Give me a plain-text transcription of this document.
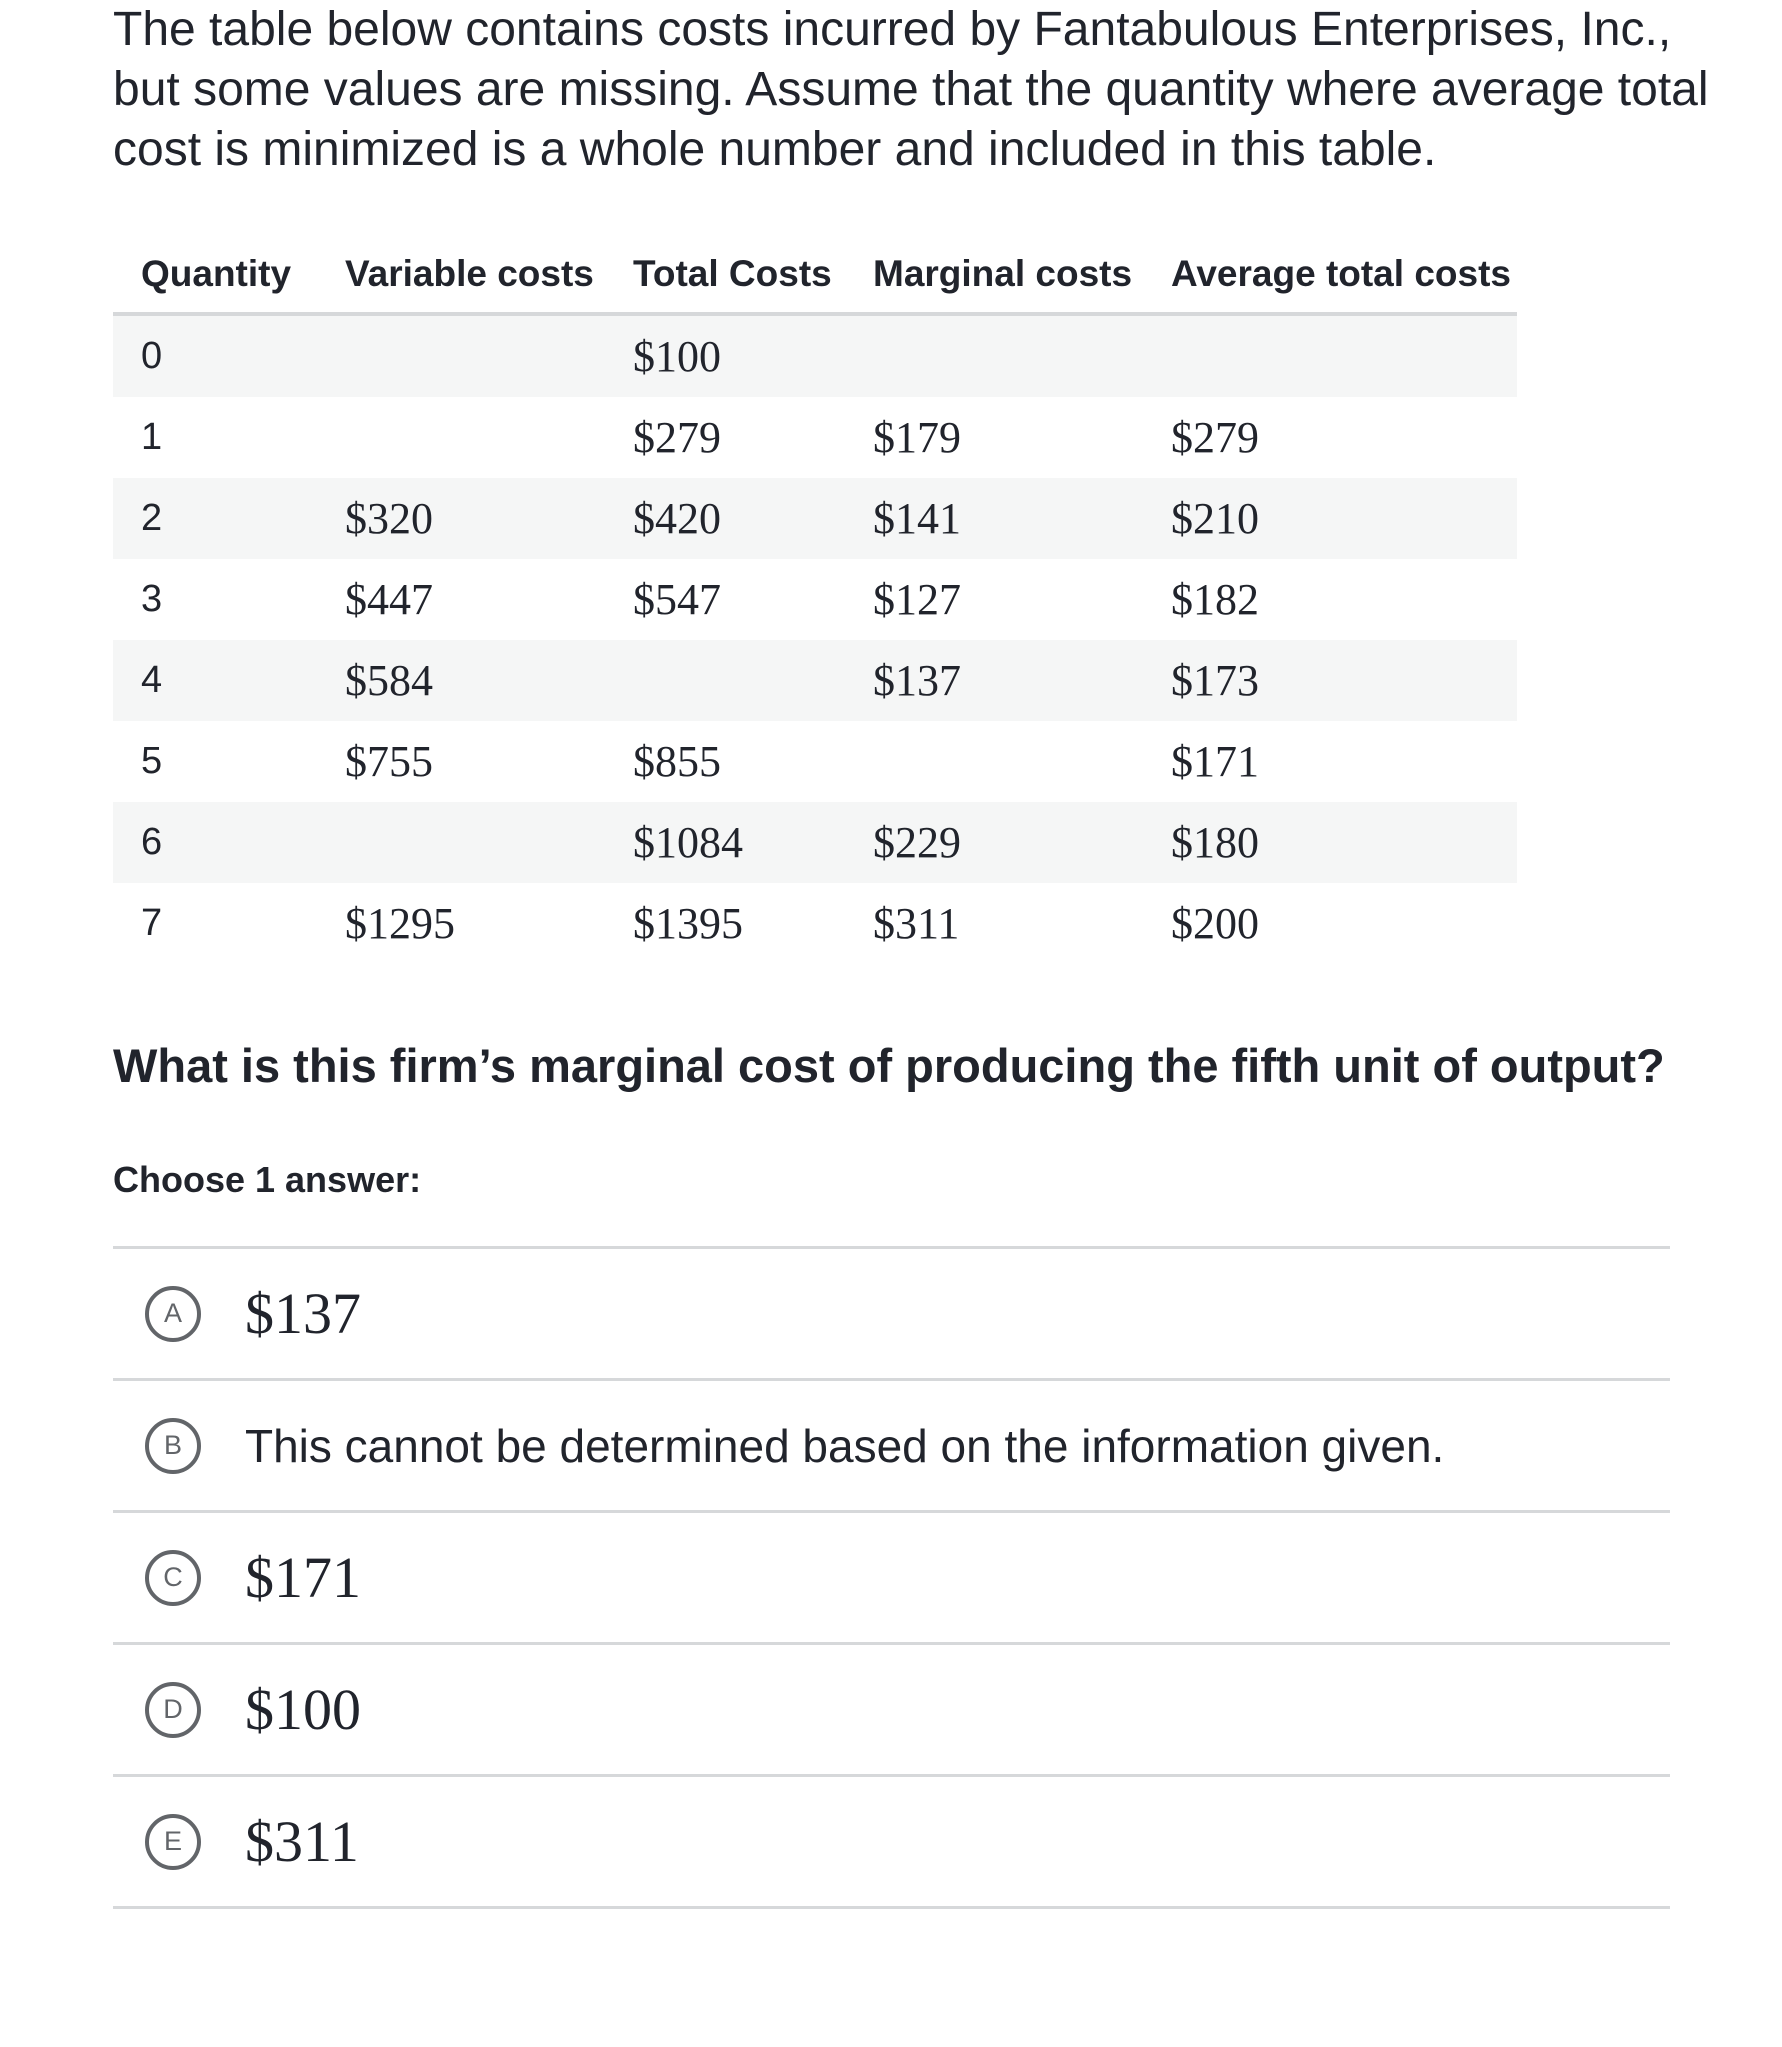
The table below contains costs incurred by Fantabulous Enterprises, Inc., but some values are missing. Assume that the quantity where average total cost is minimized is a whole number and included in this table.

Quantity	Variable costs	Total Costs	Marginal costs	Average total costs
0		$100		
1		$279	$179	$279
2	$320	$420	$141	$210
3	$447	$547	$127	$182
4	$584		$137	$173
5	$755	$855		$171
6		$1084	$229	$180
7	$1295	$1395	$311	$200

What is this firm’s marginal cost of producing the fifth unit of output?

Choose 1 answer:

A	$137
B	This cannot be determined based on the information given.
C	$171
D	$100
E	$311
